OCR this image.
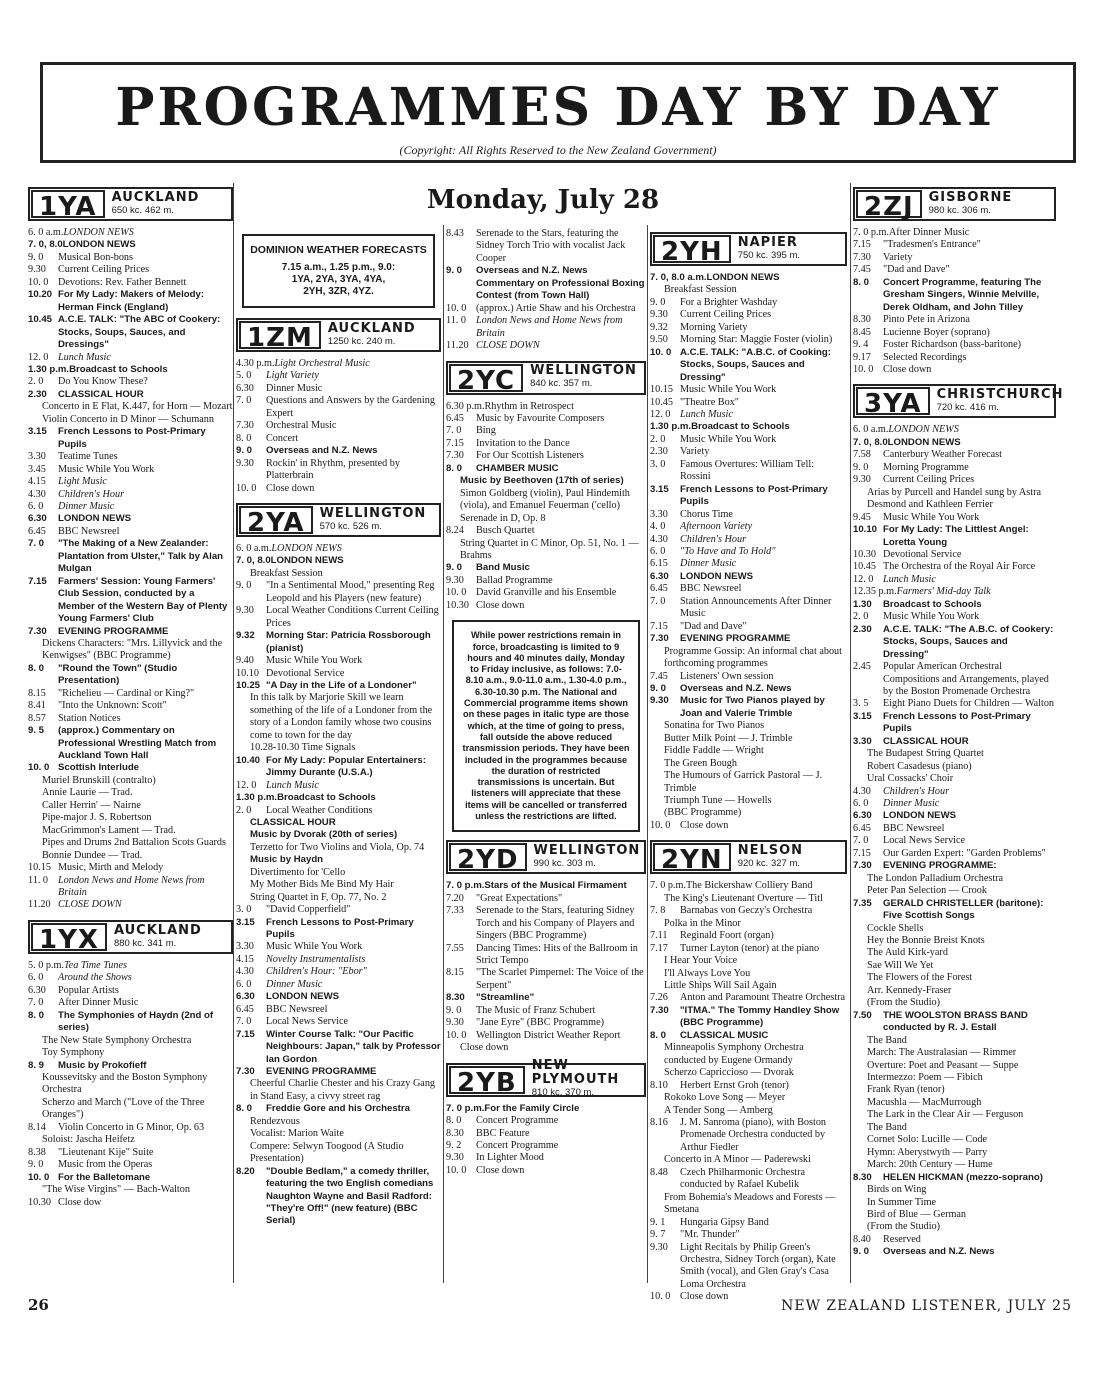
PROGRAMMES DAY BY DAY
(Copyright: All Rights Reserved to the New Zealand Government)
1YA	AUCKLAND
650 kc. 462 m.
6. 0 a.m. LONDON NEWS
7. 0, 8.0 LONDON NEWS
9. 0	Musical Bon-bons
9.30	Current Ceiling Prices
10. 0 Devotions: Rev. Father Bennett
10.20 For My Lady: Makers of Melody: Herman Finck (England)
10.45 A.C.E. TALK: "The ABC of Cookery: Stocks, Soups, Sauces, and Dressings"
12. 0 Lunch Music
1.30 p.m. Broadcast to Schools
2. 0	Do You Know These?
2.30	CLASSICAL HOUR
Concerto in E Flat, K.447, for Horn — Mozart
Violin Concerto in D Minor — Schumann
3.15	French Lessons to Post-Primary Pupils
3.30	Teatime Tunes
3.45	Music While You Work
4.15	Light Music
4.30	Children's Hour
6. 0	Dinner Music
6.30	LONDON NEWS
6.45	BBC Newsreel
7. 0	"The Making of a New Zealander: Plantation from Ulster," Talk by Alan Mulgan
7.15	Farmers' Session: Young Farmers' Club Session, conducted by a Member of the Western Bay of Plenty Young Farmers' Club
7.30	EVENING PROGRAMME
Dickens Characters: "Mrs. Lillyvick and the Kenwigses" (BBC Programme)
8. 0	"Round the Town" (Studio Presentation)
8.15	"Richelieu — Cardinal or King?"
8.41	"Into the Unknown: Scott"
8.57	Station Notices
9. 5	(approx.) Commentary on Professional Wrestling Match from Auckland Town Hall
10. 0 Scottish Interlude
Muriel Brunskill (contralto)
Annie Laurie — Trad.
Caller Herrin' — Nairne
Pipe-major J. S. Robertson
MacGrimmon's Lament — Trad.
Pipes and Drums 2nd Battalion Scots Guards
Bonnie Dundee — Trad.
10.15 Music, Mirth and Melody
11. 0 London News and Home News from Britain
11.20 CLOSE DOWN
1YX	AUCKLAND
880 kc. 341 m.
5. 0 p.m. Tea Time Tunes
6. 0	Around the Shows
6.30	Popular Artists
7. 0	After Dinner Music
8. 0	The Symphonies of Haydn (2nd of series)
The New State Symphony Orchestra
Toy Symphony
8. 9	Music by Prokofieff
Koussevitsky and the Boston Symphony Orchestra
Scherzo and March ("Love of the Three Oranges")
8.14	Violin Concerto in G Minor, Op. 63
Soloist: Jascha Heifetz
8.38	"Lieutenant Kije" Suite
9. 0	Music from the Operas
10. 0 For the Balletomane
"The Wise Virgins" — Bach-Walton
10.30 Close dow
Monday, July 28
DOMINION WEATHER FORECASTS
7.15 a.m., 1.25 p.m., 9.0:
1YA, 2YA, 3YA, 4YA,
2YH, 3ZR, 4YZ.
1ZM	AUCKLAND
1250 kc. 240 m.
4.30 p.m. Light Orchestral Music
5. 0	Light Variety
6.30	Dinner Music
7. 0	Questions and Answers by the Gardening Expert
7.30	Orchestral Music
8. 0	Concert
9. 0	Overseas and N.Z. News
9.30	Rockin' in Rhythm, presented by Platterbrain
10. 0 Close down
2YA	WELLINGTON
570 kc. 526 m.
6. 0 a.m. LONDON NEWS
7. 0, 8.0 LONDON NEWS
Breakfast Session
9. 0	"In a Sentimental Mood," presenting Reg Leopold and his Players (new feature)
9.30	Local Weather Conditions Current Ceiling Prices
9.32	Morning Star: Patricia Rossborough (pianist)
9.40	Music While You Work
10.10 Devotional Service
10.25 "A Day in the Life of a Londoner"
In this talk by Marjorie Skill we learn something of the life of a Londoner from the story of a London family whose two cousins come to town for the day
10.28-10.30 Time Signals
10.40 For My Lady: Popular Entertainers: Jimmy Durante (U.S.A.)
12. 0 Lunch Music
1.30 p.m. Broadcast to Schools
2. 0	Local Weather Conditions
CLASSICAL HOUR
Music by Dvorak (20th of series)
Terzetto for Two Violins and Viola, Op. 74
Music by Haydn
Divertimento for 'Cello
My Mother Bids Me Bind My Hair
String Quartet in F, Op. 77, No. 2
3. 0	"David Copperfield"
3.15	French Lessons to Post-Primary Pupils
3.30	Music While You Work
4.15	Novelty Instrumentalists
4.30	Children's Hour: "Ebor"
6. 0	Dinner Music
6.30	LONDON NEWS
6.45	BBC Newsreel
7. 0	Local News Service
7.15	Winter Course Talk: "Our Pacific Neighbours: Japan," talk by Professor Ian Gordon
7.30	EVENING PROGRAMME
Cheerful Charlie Chester and his Crazy Gang in Stand Easy, a civvy street rag
8. 0	Freddie Gore and his Orchestra
Rendezvous
Vocalist: Marion Waite
Compere: Selwyn Toogood (A Studio Presentation)
8.20	"Double Bedlam," a comedy thriller, featuring the two English comedians Naughton Wayne and Basil Radford: "They're Off!" (new feature) (BBC Serial)
8.43	Serenade to the Stars, featuring the Sidney Torch Trio with vocalist Jack Cooper
9. 0	Overseas and N.Z. News Commentary on Professional Boxing Contest (from Town Hall)
10. 0 (approx.) Artie Shaw and his Orchestra
11. 0 London News and Home News from Britain
11.20 CLOSE DOWN
2YC	WELLINGTON
840 kc. 357 m.
6.30 p.m. Rhythm in Retrospect
6.45	Music by Favourite Composers
7. 0	Bing
7.15	Invitation to the Dance
7.30	For Our Scottish Listeners
8. 0	CHAMBER MUSIC
Music by Beethoven (17th of series)
Simon Goldberg (violin), Paul Hindemith (viola), and Emanuel Feuerman ('cello)
Serenade in D, Op. 8
8.24	Busch Quartet
String Quartet in C Minor, Op. 51, No. 1 — Brahms
9. 0	Band Music
9.30	Ballad Programme
10. 0 David Granville and his Ensemble
10.30 Close down
While power restrictions remain in force, broadcasting is limited to 9 hours and 40 minutes daily, Monday to Friday inclusive, as follows: 7.0-8.10 a.m., 9.0-11.0 a.m., 1.30-4.0 p.m., 6.30-10.30 p.m. The National and Commercial programme items shown on these pages in italic type are those which, at the time of going to press, fall outside the above reduced transmission periods. They have been included in the programmes because the duration of restricted transmissions is uncertain. But listeners will appreciate that these items will be cancelled or transferred unless the restrictions are lifted.
2YD	WELLINGTON
990 kc. 303 m.
7. 0 p.m. Stars of the Musical Firmament
7.20	"Great Expectations"
7.33	Serenade to the Stars, featuring Sidney Torch and his Company of Players and Singers (BBC Programme)
7.55	Dancing Times: Hits of the Ballroom in Strict Tempo
8.15	"The Scarlet Pimpernel: The Voice of the Serpent"
8.30	"Streamline"
9. 0	The Music of Franz Schubert
9.30	"Jane Eyre" (BBC Programme)
10. 0 Wellington District Weather Report
Close down
2YB
NEW PLYMOUTH
810 kc. 370 m.
7. 0 p.m. For the Family Circle
8. 0	Concert Programme
8.30	BBC Feature
9. 2	Concert Programme
9.30	In Lighter Mood
10. 0 Close down
2YH	NAPIER
750 kc. 395 m.
7. 0, 8.0 a.m. LONDON NEWS
Breakfast Session
9. 0	For a Brighter Washday
9.30	Current Ceiling Prices
9.32	Morning Variety
9.50	Morning Star: Maggie Foster (violin)
10. 0 A.C.E. TALK: "A.B.C. of Cooking: Stocks, Soups, Sauces and Dressing"
10.15 Music While You Work
10.45 "Theatre Box"
12. 0 Lunch Music
1.30 p.m. Broadcast to Schools
2. 0	Music While You Work
2.30	Variety
3. 0	Famous Overtures: William Tell: Rossini
3.15	French Lessons to Post-Primary Pupils
3.30	Chorus Time
4. 0	Afternoon Variety
4.30	Children's Hour
6. 0	"To Have and To Hold"
6.15	Dinner Music
6.30	LONDON NEWS
6.45	BBC Newsreel
7. 0	Station Announcements After Dinner Music
7.15	"Dad and Dave"
7.30	EVENING PROGRAMME
Programme Gossip: An informal chat about forthcoming programmes
7.45	Listeners' Own session
9. 0	Overseas and N.Z. News
9.30	Music for Two Pianos played by Joan and Valerie Trimble
Sonatina for Two Pianos
Butter Milk Point — J. Trimble
Fiddle Faddle — Wright
The Green Bough
The Humours of Garrick Pastoral — J. Trimble
Triumph Tune — Howells
(BBC Programme)
10. 0 Close down
2YN	NELSON
920 kc. 327 m.
7. 0 p.m. The Bickershaw Colliery Band
The King's Lieutenant Overture — Titl
7. 8	Barnabas von Geczy's Orchestra
Polka in the Minor
7.11	Reginald Foort (organ)
7.17	Turner Layton (tenor) at the piano
I Hear Your Voice
I'll Always Love You
Little Ships Will Sail Again
7.26	Anton and Paramount Theatre Orchestra
7.30	"ITMA." The Tommy Handley Show (BBC Programme)
8. 0	CLASSICAL MUSIC
Minneapolis Symphony Orchestra conducted by Eugene Ormandy
Scherzo Capriccioso — Dvorak
8.10	Herbert Ernst Groh (tenor)
Rokoko Love Song — Meyer
A Tender Song — Amberg
8.16	J. M. Sanroma (piano), with Boston Promenade Orchestra conducted by Arthur Fiedler
Concerto in A Minor — Paderewski
8.48	Czech Philharmonic Orchestra conducted by Rafael Kubelik
From Bohemia's Meadows and Forests — Smetana
9. 1	Hungaria Gipsy Band
9. 7	"Mr. Thunder"
9.30	Light Recitals by Philip Green's Orchestra, Sidney Torch (organ), Kate Smith (vocal), and Glen Gray's Casa Loma Orchestra
10. 0 Close down
2ZJ	GISBORNE
980 kc. 306 m.
7. 0 p.m. After Dinner Music
7.15	"Tradesmen's Entrance"
7.30	Variety
7.45	"Dad and Dave"
8. 0	Concert Programme, featuring The Gresham Singers, Winnie Melville, Derek Oldham, and John Tilley
8.30	Pinto Pete in Arizona
8.45	Lucienne Boyer (soprano)
9. 4	Foster Richardson (bass-baritone)
9.17	Selected Recordings
10. 0 Close down
3YA	CHRISTCHURCH
720 kc. 416 m.
6. 0 a.m. LONDON NEWS
7. 0, 8.0 LONDON NEWS
7.58	Canterbury Weather Forecast
9. 0	Morning Programme
9.30	Current Ceiling Prices
Arias by Purcell and Handel sung by Astra Desmond and Kathleen Ferrier
9.45	Music While You Work
10.10 For My Lady: The Littlest Angel: Loretta Young
10.30 Devotional Service
10.45 The Orchestra of the Royal Air Force
12. 0 Lunch Music
12.35 p.m. Farmers' Mid-day Talk
1.30	Broadcast to Schools
2. 0	Music While You Work
2.30	A.C.E. TALK: "The A.B.C. of Cookery: Stocks, Soups, Sauces and Dressing"
2.45	Popular American Orchestral Compositions and Arrangements, played by the Boston Promenade Orchestra
3. 5	Eight Piano Duets for Children — Walton
3.15	French Lessons to Post-Primary Pupils
3.30	CLASSICAL HOUR
The Budapest String Quartet
Robert Casadesus (piano)
Ural Cossacks' Choir
4.30	Children's Hour
6. 0	Dinner Music
6.30	LONDON NEWS
6.45	BBC Newsreel
7. 0	Local News Service
7.15	Our Garden Expert: "Garden Problems"
7.30	EVENING PROGRAMME:
The London Palladium Orchestra
Peter Pan Selection — Crook
7.35	GERALD CHRISTELLER (baritone): Five Scottish Songs
Cockle Shells
Hey the Bonnie Breist Knots
The Auld Kirk-yard
Sae Will We Yet
The Flowers of the Forest
Arr. Kennedy-Fraser
(From the Studio)
7.50	THE WOOLSTON BRASS BAND conducted by R. J. Estall
The Band
March: The Australasian — Rimmer
Overture: Poet and Peasant — Suppe
Intermezzo: Poem — Fibich
Frank Ryan (tenor)
Macushla — MacMurrough
The Lark in the Clear Air — Ferguson
The Band
Cornet Solo: Lucille — Code
Hymn: Aberystwyth — Parry
March: 20th Century — Hume
8.30	HELEN HICKMAN (mezzo-soprano)
Birds on Wing
In Summer Time
Bird of Blue — German
(From the Studio)
8.40	Reserved
9. 0	Overseas and N.Z. News
26	NEW ZEALAND LISTENER, JULY 25
